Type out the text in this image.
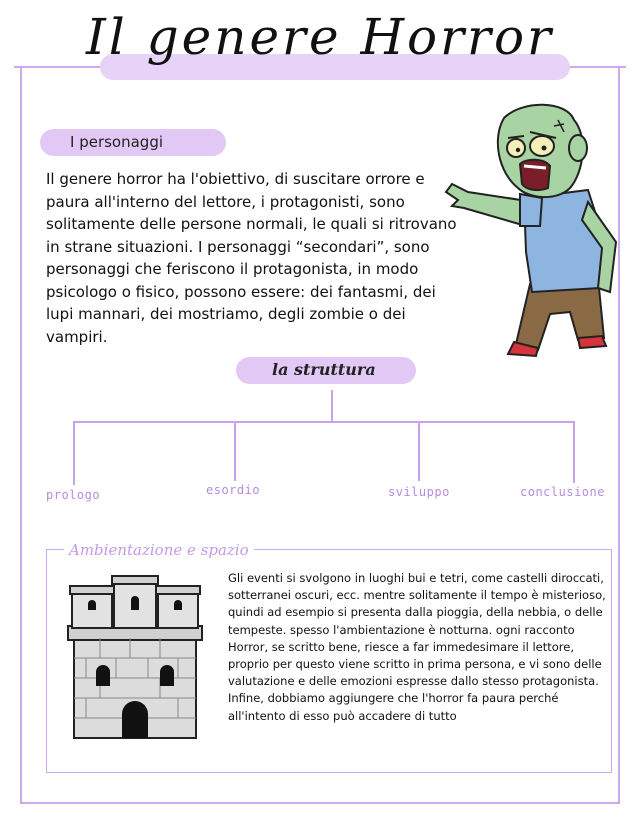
Il genere Horror
I personaggi

Il genere horror ha l'obiettivo, di suscitare orrore e paura all'interno del lettore, i protagonisti, sono solitamente delle persone normali, le quali si ritrovano in strane situazioni. I personaggi “secondari”, sono personaggi che feriscono il protagonista, in modo psicologo o fisico, possono essere: dei fantasmi, dei lupi mannari, dei mostriamo, degli zombie o dei vampiri.

la struttura
prologo	esordio	sviluppo	conclusione
Ambientazione e spazio

Gli eventi si svolgono in luoghi bui e tetri, come castelli diroccati, sotterranei oscuri, ecc. mentre solitamente il tempo è misterioso, quindi ad esempio si presenta dalla pioggia, della nebbia, o delle tempeste. spesso l'ambientazione è notturna. ogni racconto Horror, se scritto bene, riesce a far immedesimare il lettore, proprio per questo viene scritto in prima persona, e vi sono delle valutazione e delle emozioni espresse dallo stesso protagonista. Infine, dobbiamo aggiungere che l'horror fa paura perché all'intento di esso può accadere di tutto
